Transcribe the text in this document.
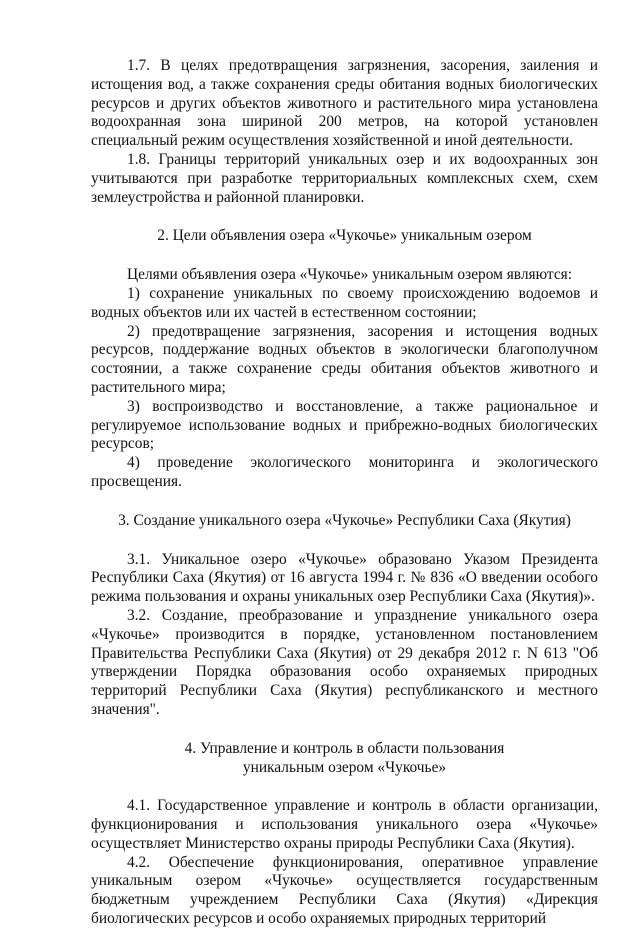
1.7. В целях предотвращения загрязнения, засорения, заиления и истощения вод, а также сохранения среды обитания водных биологических ресурсов и других объектов животного и растительного мира установлена водоохранная зона шириной 200 метров, на которой установлен специальный режим осуществления хозяйственной и иной деятельности.

1.8. Границы территорий уникальных озер и их водоохранных зон учитываются при разработке территориальных комплексных схем, схем землеустройства и районной планировки.

2. Цели объявления озера «Чукочье» уникальным озером

Целями объявления озера «Чукочье» уникальным озером являются:

1) сохранение уникальных по своему происхождению водоемов и водных объектов или их частей в естественном состоянии;

2) предотвращение загрязнения, засорения и истощения водных ресурсов, поддержание водных объектов в экологически благополучном состоянии, а также сохранение среды обитания объектов животного и растительного мира;

3) воспроизводство и восстановление, а также рациональное и регулируемое использование водных и прибрежно-водных биологических ресурсов;

4) проведение экологического мониторинга и экологического просвещения.

3. Создание уникального озера «Чукочье» Республики Саха (Якутия)

3.1. Уникальное озеро «Чукочье» образовано Указом Президента Республики Саха (Якутия) от 16 августа 1994 г. № 836 «О введении особого режима пользования и охраны уникальных озер Республики Саха (Якутия)».

3.2. Создание, преобразование и упразднение уникального озера «Чукочье» производится в порядке, установленном постановлением Правительства Республики Саха (Якутия) от 29 декабря 2012 г. N 613 "Об утверждении Порядка образования особо охраняемых природных территорий Республики Саха (Якутия) республиканского и местного значения".

4. Управление и контроль в области пользования

уникальным озером «Чукочье»

4.1. Государственное управление и контроль в области организации, функционирования и использования уникального озера «Чукочье» осуществляет Министерство охраны природы Республики Саха (Якутия).

4.2. Обеспечение функционирования, оперативное управление уникальным озером «Чукочье» осуществляется государственным бюджетным учреждением Республики Саха (Якутия) «Дирекция биологических ресурсов и особо охраняемых природных территорий
